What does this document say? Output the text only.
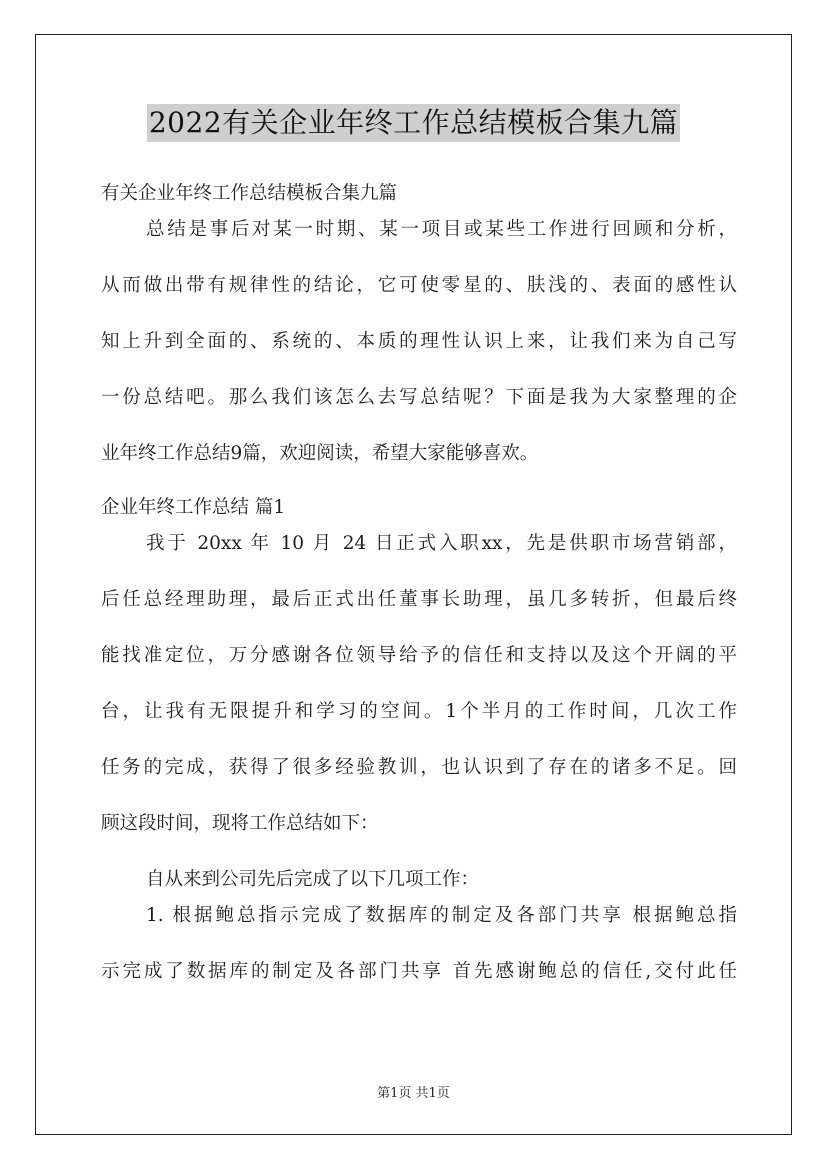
2022有关企业年终工作总结模板合集九篇
有关企业年终工作总结模板合集九篇
总结是事后对某一时期、某一项目或某些工作进行回顾和分析，
从而做出带有规律性的结论，它可使零星的、肤浅的、表面的感性认
知上升到全面的、系统的、本质的理性认识上来，让我们来为自己写
一份总结吧。那么我们该怎么去写总结呢？下面是我为大家整理的企
业年终工作总结9篇，欢迎阅读，希望大家能够喜欢。
企业年终工作总结 篇1
我于 20xx 年 10 月 24 日正式入职xx，先是供职市场营销部，
后任总经理助理，最后正式出任董事长助理，虽几多转折，但最后终
能找准定位，万分感谢各位领导给予的信任和支持以及这个开阔的平
台，让我有无限提升和学习的空间。1个半月的工作时间，几次工作
任务的完成，获得了很多经验教训，也认识到了存在的诸多不足。回
顾这段时间，现将工作总结如下：
自从来到公司先后完成了以下几项工作：
1. 根据鲍总指示完成了数据库的制定及各部门共享 根据鲍总指
示完成了数据库的制定及各部门共享 首先感谢鲍总的信任,交付此任
第1页 共1页
